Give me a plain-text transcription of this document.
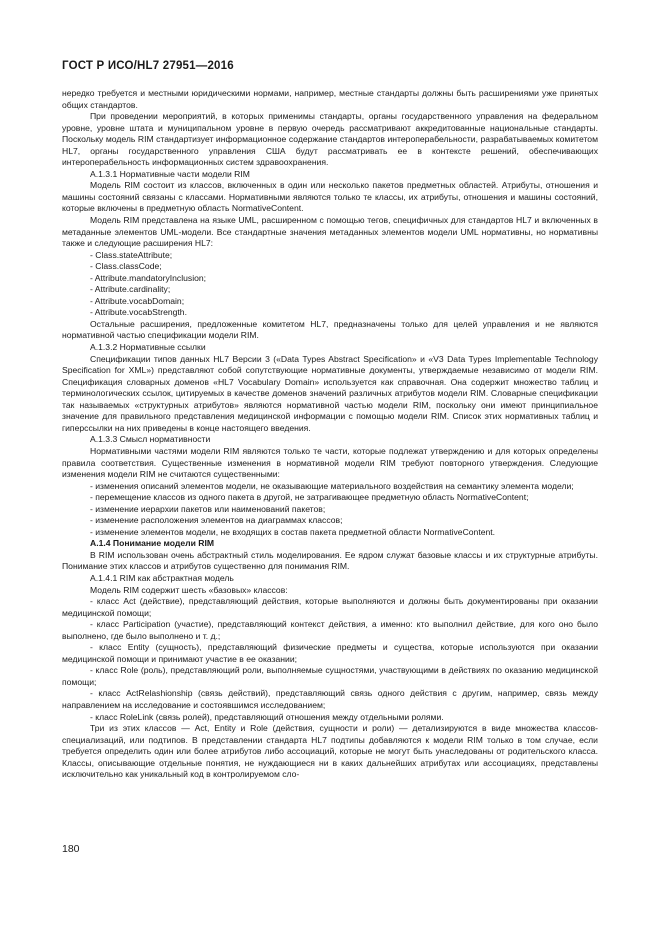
ГОСТ Р ИСО/HL7 27951—2016

нередко требуется и местными юридическими нормами, например, местные стандарты должны быть расширениями уже принятых общих стандартов.

При проведении мероприятий, в которых применимы стандарты, органы государственного управления на федеральном уровне, уровне штата и муниципальном уровне в первую очередь рассматривают аккредитованные национальные стандарты. Поскольку модель RIM стандартизует информационное содержание стандартов интероперабельности, разрабатываемых комитетом HL7, органы государственного управления США будут рассматривать ее в контексте решений, обеспечивающих интероперабельность информационных систем здравоохранения.

А.1.3.1 Нормативные части модели RIM

Модель RIM состоит из классов, включенных в один или несколько пакетов предметных областей. Атрибуты, отношения и машины состояний связаны с классами. Нормативными являются только те классы, их атрибуты, отношения и машины состояний, которые включены в предметную область NormativeContent.

Модель RIM представлена на языке UML, расширенном с помощью тегов, специфичных для стандартов HL7 и включенных в метаданные элементов UML-модели. Все стандартные значения метаданных элементов модели UML нормативны, но нормативны также и следующие расширения HL7:

- Class.stateAttribute;

- Class.classCode;

- Attribute.mandatoryInclusion;

- Attribute.cardinality;

- Attribute.vocabDomain;

- Attribute.vocabStrength.

Остальные расширения, предложенные комитетом HL7, предназначены только для целей управления и не являются нормативной частью спецификации модели RIM.

А.1.3.2 Нормативные ссылки

Спецификации типов данных HL7 Версии 3 («Data Types Abstract Specification» и «V3 Data Types Implementable Technology Specification for XML») представляют собой сопутствующие нормативные документы, утверждаемые независимо от модели RIM. Спецификация словарных доменов «HL7 Vocabulary Domain» используется как справочная. Она содержит множество таблиц и терминологических ссылок, цитируемых в качестве доменов значений различных атрибутов модели RIM. Словарные спецификации так называемых «структурных атрибутов» являются нормативной частью модели RIM, поскольку они имеют принципиальное значение для правильного представления медицинской информации с помощью модели RIM. Список этих нормативных таблиц и гиперссылки на них приведены в конце настоящего введения.

А.1.3.3 Смысл нормативности

Нормативными частями модели RIM являются только те части, которые подлежат утверждению и для которых определены правила соответствия. Существенные изменения в нормативной модели RIM требуют повторного утверждения. Следующие изменения модели RIM не считаются существенными:

- изменения описаний элементов модели, не оказывающие материального воздействия на семантику элемента модели;

- перемещение классов из одного пакета в другой, не затрагивающее предметную область NormativeContent;

- изменение иерархии пакетов или наименований пакетов;

- изменение расположения элементов на диаграммах классов;

- изменение элементов модели, не входящих в состав пакета предметной области NormativeContent.

А.1.4 Понимание модели RIM

В RIM использован очень абстрактный стиль моделирования. Ее ядром служат базовые классы и их структурные атрибуты. Понимание этих классов и атрибутов существенно для понимания RIM.

А.1.4.1 RIM как абстрактная модель

Модель RIM содержит шесть «базовых» классов:

- класс Act (действие), представляющий действия, которые выполняются и должны быть документированы при оказании медицинской помощи;

- класс Participation (участие), представляющий контекст действия, а именно: кто выполнил действие, для кого оно было выполнено, где было выполнено и т. д.;

- класс Entity (сущность), представляющий физические предметы и существа, которые используются при оказании медицинской помощи и принимают участие в ее оказании;

- класс Role (роль), представляющий роли, выполняемые сущностями, участвующими в действиях по оказанию медицинской помощи;

- класс ActRelashionship (связь действий), представляющий связь одного действия с другим, например, связь между направлением на исследование и состоявшимся исследованием;

- класс RoleLink (связь ролей), представляющий отношения между отдельными ролями.

Три из этих классов — Act, Entity и Role (действия, сущности и роли) — детализируются в виде множества классов-специализаций, или подтипов. В представлении стандарта HL7 подтипы добавляются к модели RIM только в том случае, если требуется определить один или более атрибутов либо ассоциаций, которые не могут быть унаследованы от родительского класса. Классы, описывающие отдельные понятия, не нуждающиеся ни в каких дальнейших атрибутах или ассоциациях, представлены исключительно как уникальный код в контролируемом сло-

180
